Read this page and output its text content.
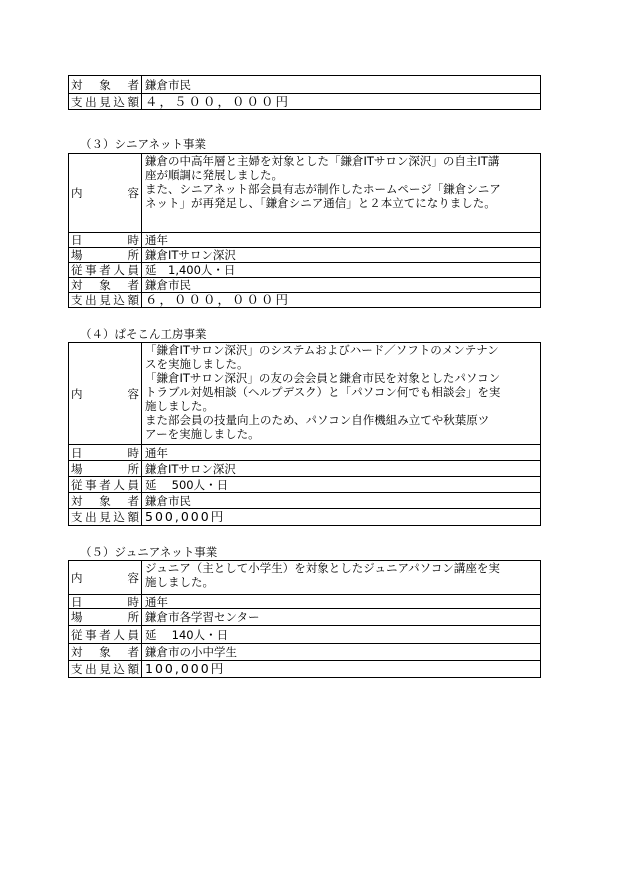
対　象　者 鎌倉市民
支出見込額 ４，５００，０００円
（３）シニアネット事業
内　　容
鎌倉の中高年層と主婦を対象とした「鎌倉ITサロン深沢」の自主IT講
座が順調に発展しました。
また、シニアネット部会員有志が制作したホームページ「鎌倉シニア
ネット」が再発足し、「鎌倉シニア通信」と２本立てになりました。
日　　時 通年
場　　所 鎌倉ITサロン深沢
従事者人員 延　1,400人・日
対　象　者 鎌倉市民
支出見込額 ６，０００，０００円
（４）ぱそこん工房事業
内　　容
「鎌倉ITサロン深沢」のシステムおよびハード／ソフトのメンテナン
スを実施しました。
「鎌倉ITサロン深沢」の友の会会員と鎌倉市民を対象としたパソコン
トラブル対処相談（ヘルプデスク）と「パソコン何でも相談会」を実
施しました。
また部会員の技量向上のため、パソコン自作機組み立てや秋葉原ツ
アーを実施しました。
日　　時 通年
場　　所 鎌倉ITサロン深沢
従事者人員 延　 500人・日
対　象　者 鎌倉市民
支出見込額 500,000円
（５）ジュニアネット事業
内　　容
ジュニア（主として小学生）を対象としたジュニアパソコン講座を実
施しました。
日　　時 通年
場　　所 鎌倉市各学習センター
従事者人員 延　 140人・日
対　象　者 鎌倉市の小中学生
支出見込額 100,000円
